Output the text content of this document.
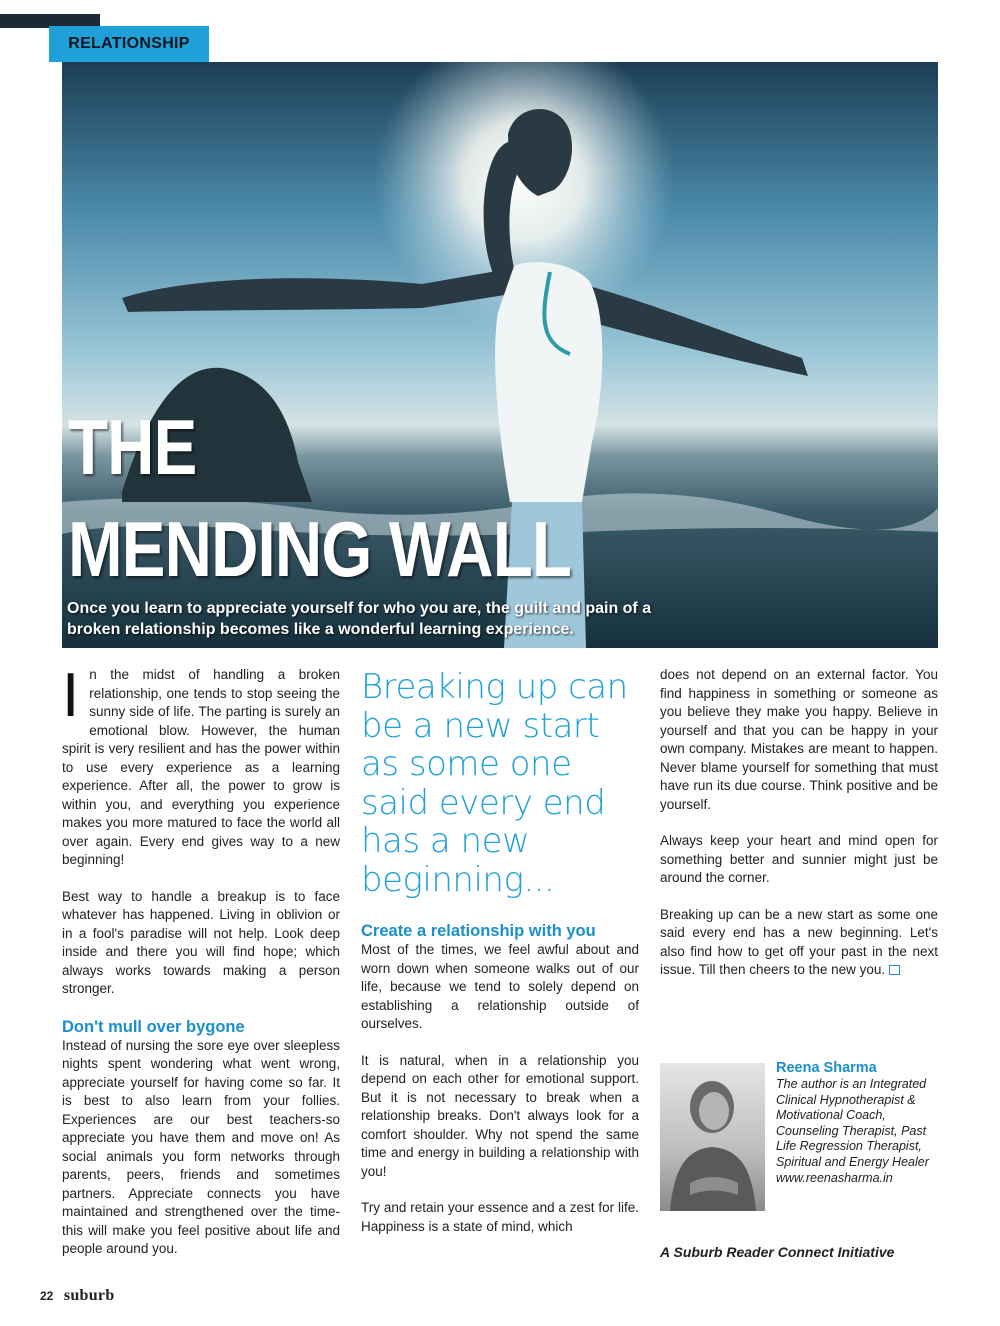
RELATIONSHIP
THE
MENDING WALL
Once you learn to appreciate yourself for who you are, the guilt and pain of a broken relationship becomes like a wonderful learning experience.

In the midst of handling a broken relationship, one tends to stop seeing the sunny side of life. The parting is surely an emotional blow. However, the human spirit is very resilient and has the power within to use every experience as a learning experience. After all, the power to grow is within you, and everything you experience makes you more matured to face the world all over again. Every end gives way to a new beginning!

Best way to handle a breakup is to face whatever has happened. Living in oblivion or in a fool's paradise will not help. Look deep inside and there you will find hope; which always works towards making a person stronger.

Don't mull over bygone

Instead of nursing the sore eye over sleepless nights spent wondering what went wrong, appreciate yourself for having come so far. It is best to also learn from your follies. Experiences are our best teachers-so appreciate you have them and move on! As social animals you form networks through parents, peers, friends and sometimes partners. Appreciate connects you have maintained and strengthened over the time-this will make you feel positive about life and people around you.

Breaking up can be a new start as some one said every end has a new beginning...
Create a relationship with you

Most of the times, we feel awful about and worn down when someone walks out of our life, because we tend to solely depend on establishing a relationship outside of ourselves.

It is natural, when in a relationship you depend on each other for emotional support. But it is not necessary to break when a relationship breaks. Don't always look for a comfort shoulder. Why not spend the same time and energy in building a relationship with you!

Try and retain your essence and a zest for life. Happiness is a state of mind, which

does not depend on an external factor. You find happiness in something or someone as you believe they make you happy. Believe in yourself and that you can be happy in your own company. Mistakes are meant to happen. Never blame yourself for something that must have run its due course. Think positive and be yourself.

Always keep your heart and mind open for something better and sunnier might just be around the corner.

Breaking up can be a new start as some one said every end has a new beginning. Let's also find how to get off your past in the next issue. Till then cheers to the new you.

Reena Sharma
The author is an Integrated Clinical Hypnotherapist & Motivational Coach, Counseling Therapist, Past Life Regression Therapist, Spiritual and Energy Healer www.reenasharma.in
A Suburb Reader Connect Initiative
22 suburb
